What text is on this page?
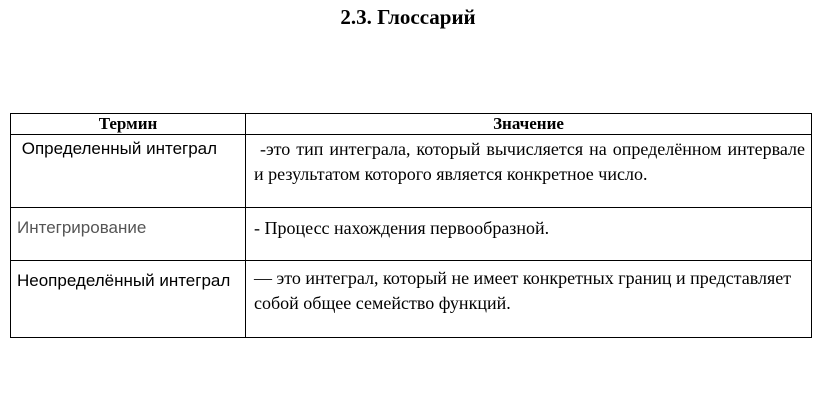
2.3. Глоссарий
Термин	Значение
Определенный интеграл	-это тип интеграла, который вычисляется на определённом интервале и результатом которого является конкретное число.
Интегрирование	- Процесс нахождения первообразной.
Неопределённый интеграл	— это интеграл, который не имеет конкретных границ и представляет собой общее семейство функций.
